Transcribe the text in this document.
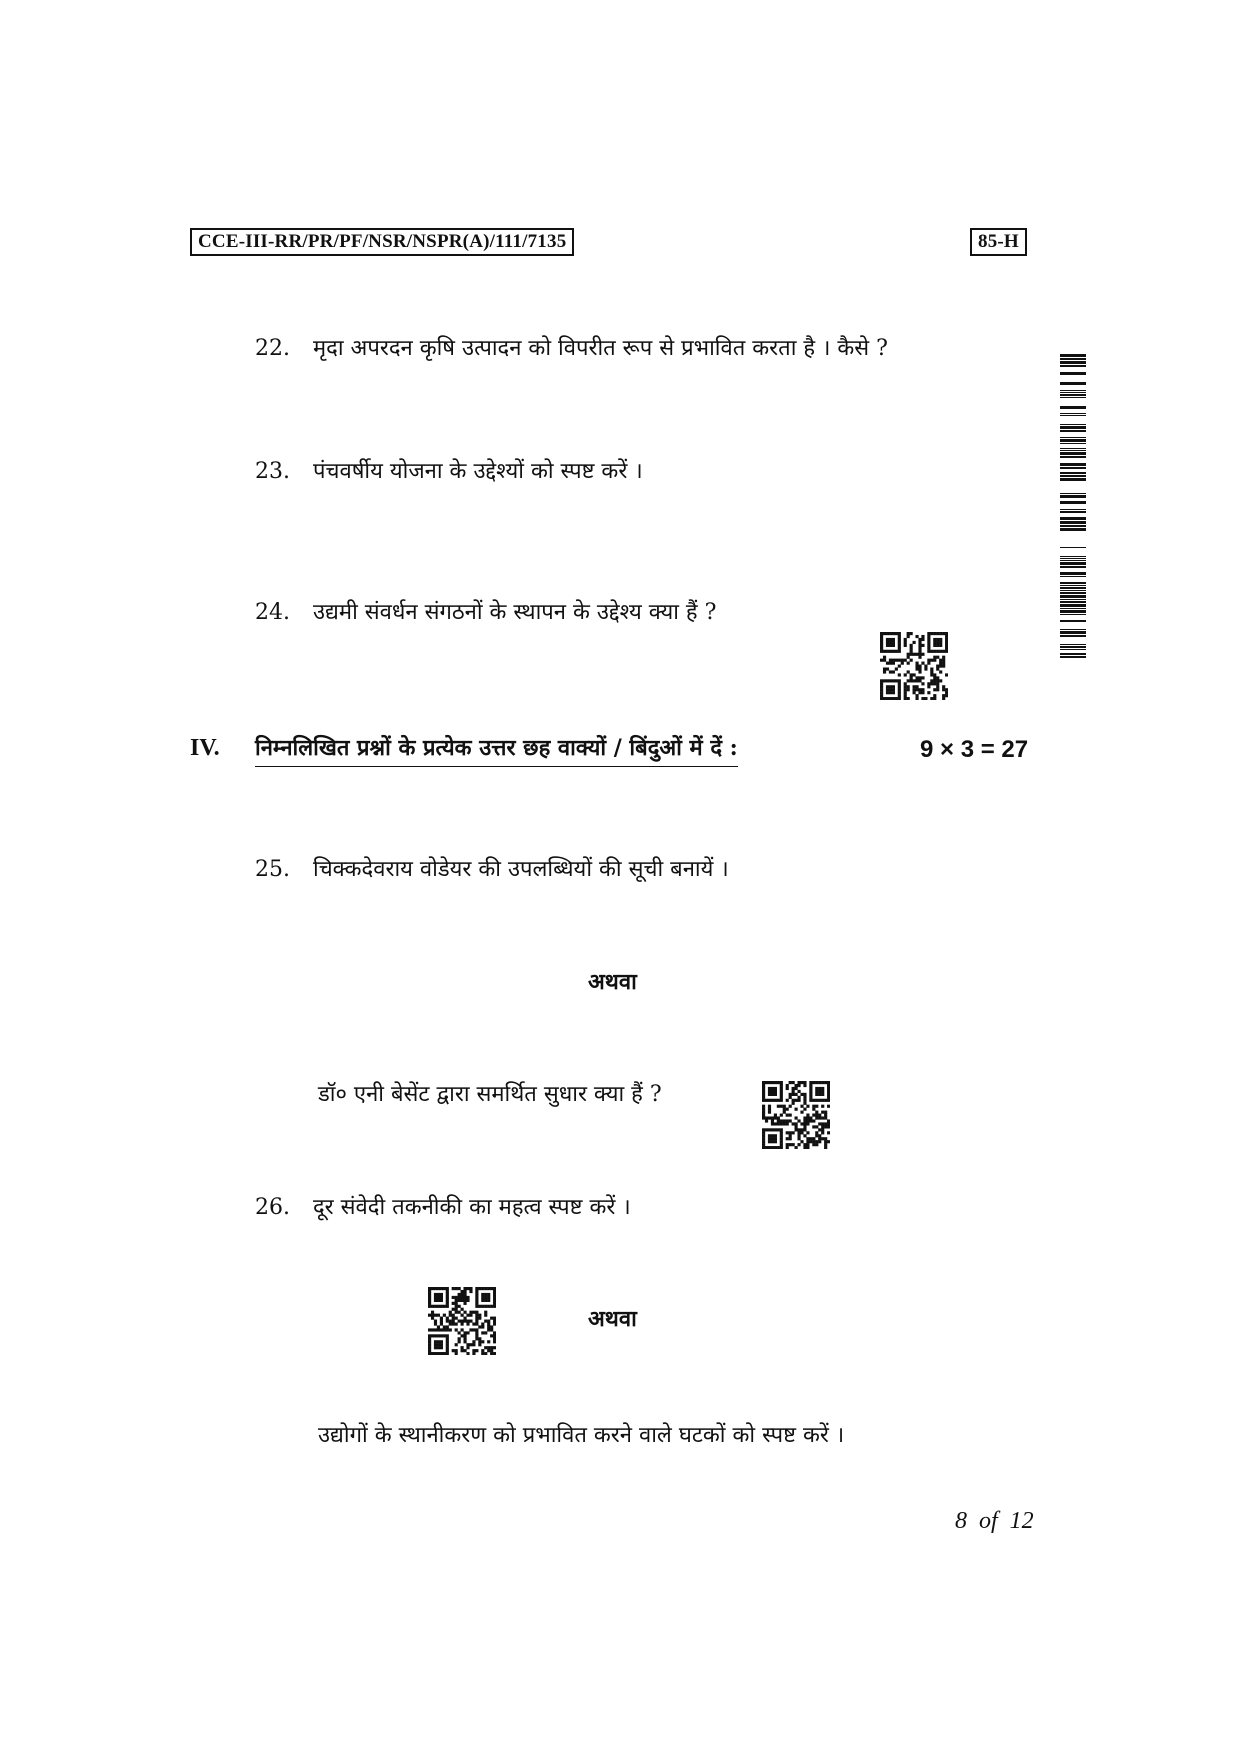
CCE-III-RR/PR/PF/NSR/NSPR(A)/111/7135	85-H
22. मृदा अपरदन कृषि उत्पादन को विपरीत रूप से प्रभावित करता है । कैसे ?
23. पंचवर्षीय योजना के उद्देश्यों को स्पष्ट करें ।
24. उद्यमी संवर्धन संगठनों के स्थापन के उद्देश्य क्या हैं ?
IV. निम्नलिखित प्रश्नों के प्रत्येक उत्तर छह वाक्यों / बिंदुओं में दें :	9 × 3 = 27
25. चिक्कदेवराय वोडेयर की उपलब्धियों की सूची बनायें ।
अथवा
डॉ० एनी बेसेंट द्वारा समर्थित सुधार क्या हैं ?
26. दूर संवेदी तकनीकी का महत्व स्पष्ट करें ।
अथवा
उद्योगों के स्थानीकरण को प्रभावित करने वाले घटकों को स्पष्ट करें ।
8 of 12
